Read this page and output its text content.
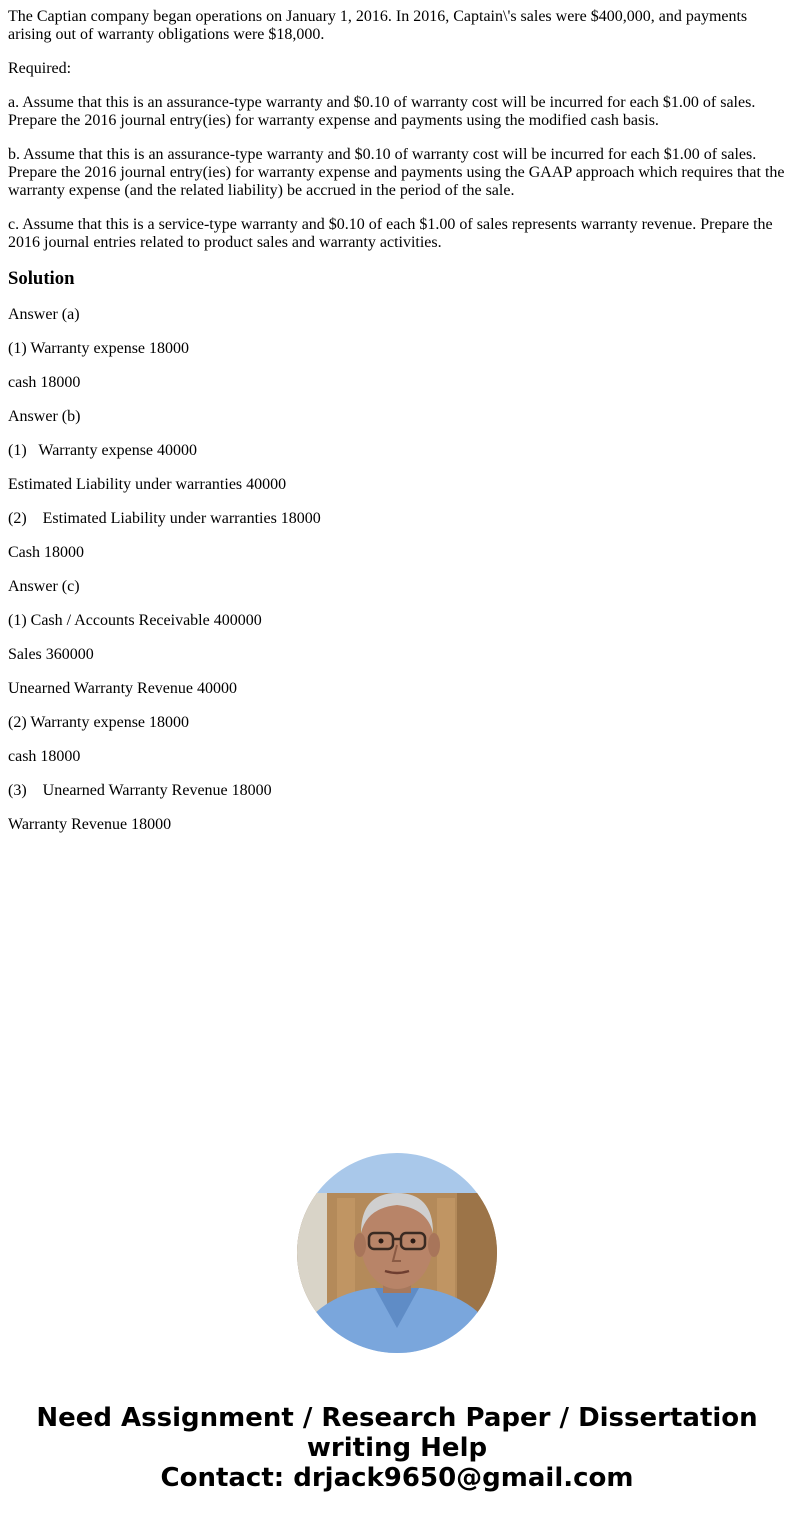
The Captian company began operations on January 1, 2016. In 2016, Captain\'s sales were $400,000, and payments arising out of warranty obligations were $18,000.

Required:

a. Assume that this is an assurance-type warranty and $0.10 of warranty cost will be incurred for each $1.00 of sales. Prepare the 2016 journal entry(ies) for warranty expense and payments using the modified cash basis.

b. Assume that this is an assurance-type warranty and $0.10 of warranty cost will be incurred for each $1.00 of sales. Prepare the 2016 journal entry(ies) for warranty expense and payments using the GAAP approach which requires that the warranty expense (and the related liability) be accrued in the period of the sale.

c. Assume that this is a service-type warranty and $0.10 of each $1.00 of sales represents warranty revenue. Prepare the 2016 journal entries related to product sales and warranty activities.

Solution

Answer (a)

(1) Warranty expense 18000

cash 18000

Answer (b)

(1)   Warranty expense 40000

Estimated Liability under warranties 40000

(2)    Estimated Liability under warranties 18000

Cash 18000

Answer (c)

(1) Cash / Accounts Receivable 400000

Sales 360000

Unearned Warranty Revenue 40000

(2) Warranty expense 18000

cash 18000

(3)    Unearned Warranty Revenue 18000

Warranty Revenue 18000

Need Assignment / Research Paper / Dissertation
writing Help
Contact: drjack9650@gmail.com
